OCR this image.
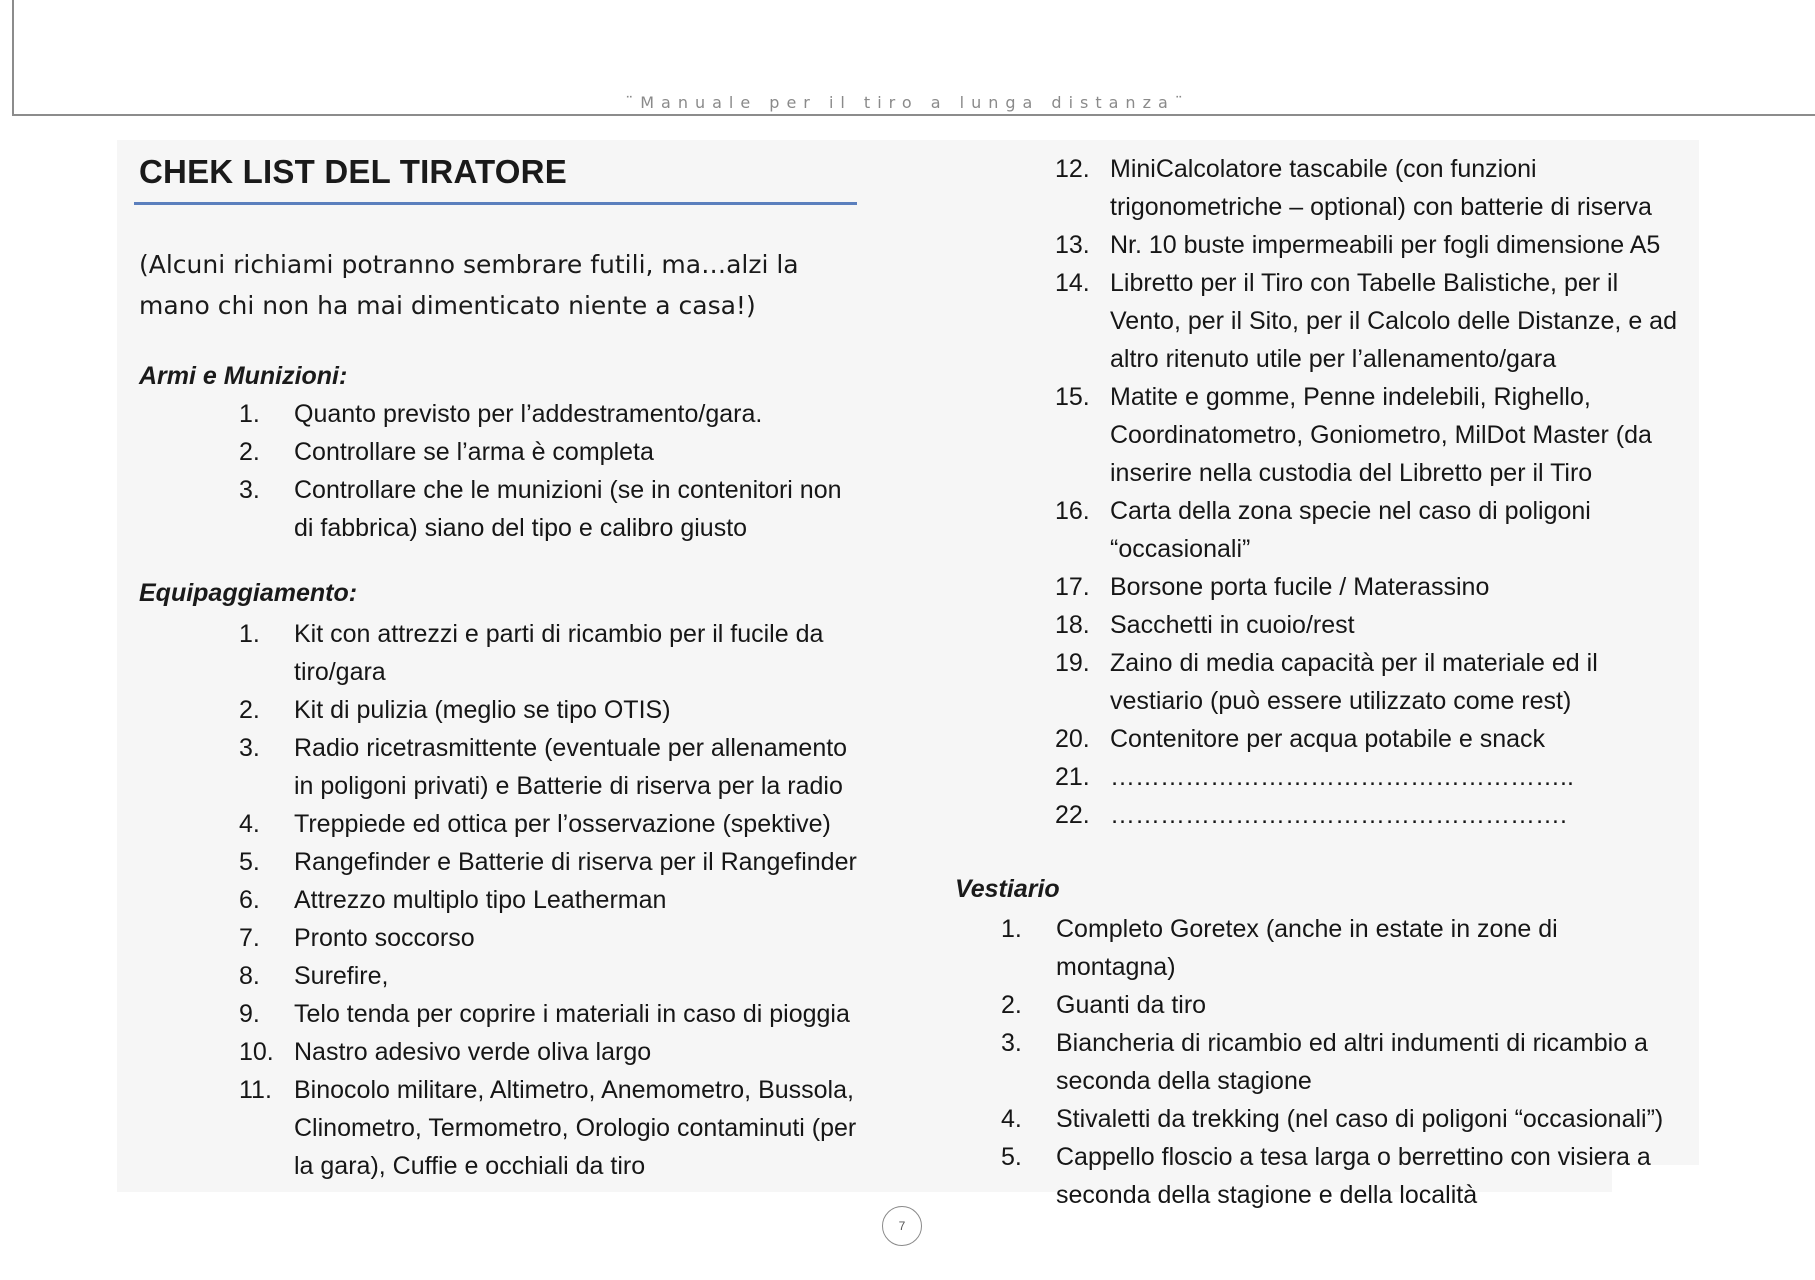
¨Manuale per il tiro a lunga distanza¨
CHEK LIST DEL TIRATORE
(Alcuni richiami potranno sembrare futili, ma…alzi la mano chi non ha mai dimenticato niente a casa!)
Armi e Munizioni:
1.	Quanto previsto per l’addestramento/gara.
2.	Controllare se l’arma è completa
3.	Controllare che le munizioni (se in contenitori non di fabbrica) siano del tipo e calibro giusto
Equipaggiamento:
1.	Kit con attrezzi e parti di ricambio per il fucile da tiro/gara
2.	Kit di pulizia (meglio se tipo OTIS)
3.	Radio ricetrasmittente (eventuale per allenamento in poligoni privati) e Batterie di riserva per la radio
4.	Treppiede ed ottica per l’osservazione (spektive)
5.	Rangefinder e Batterie di riserva per il Rangefinder
6.	Attrezzo multiplo tipo Leatherman
7.	Pronto soccorso
8.	Surefire,
9.	Telo tenda per coprire i materiali in caso di pioggia
10. Nastro adesivo verde oliva largo
11. Binocolo militare, Altimetro, Anemometro, Bussola, Clinometro, Termometro, Orologio contaminuti (per la gara), Cuffie e occhiali da tiro
12. MiniCalcolatore tascabile (con funzioni trigonometriche – optional) con batterie di riserva
13. Nr. 10 buste impermeabili per fogli dimensione A5
14. Libretto per il Tiro con Tabelle Balistiche, per il Vento, per il Sito, per il Calcolo delle Distanze, e ad altro ritenuto utile per l’allenamento/gara
15. Matite e gomme, Penne indelebili, Righello, Coordinatometro, Goniometro, MilDot Master (da inserire nella custodia del Libretto per il Tiro
16. Carta della zona specie nel caso di poligoni “occasionali”
17. Borsone porta fucile / Materassino
18. Sacchetti in cuoio/rest
19. Zaino di media capacità per il materiale ed il vestiario (può essere utilizzato come rest)
20. Contenitore per acqua potabile e snack
21. ………………………………………………..
22. ……………………………………………….
Vestiario
1.	Completo Goretex (anche in estate in zone di montagna)
2.	Guanti da tiro
3.	Biancheria di ricambio ed altri indumenti di ricambio a seconda della stagione
4.	Stivaletti da trekking (nel caso di poligoni “occasionali”)
5.	Cappello floscio a tesa larga o berrettino con visiera a seconda della stagione e della località
7
